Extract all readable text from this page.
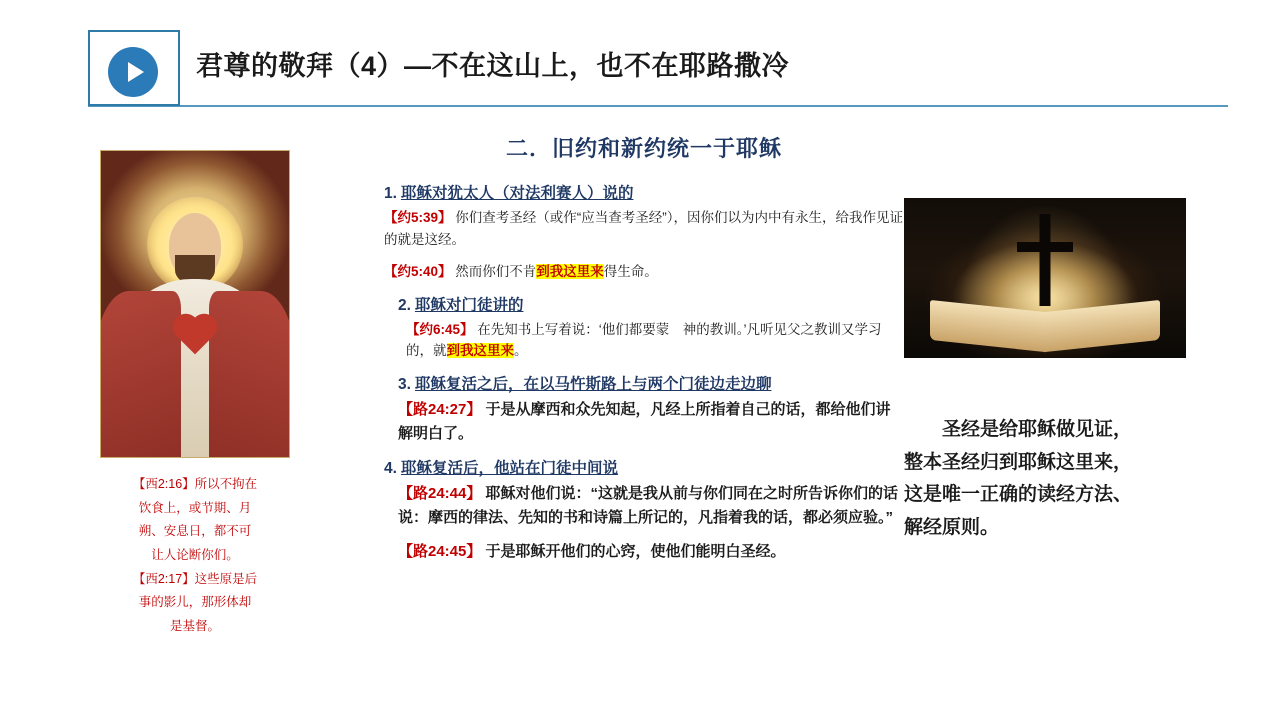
君尊的敬拜（4）—不在这山上，也不在耶路撒冷

【西2:16】所以不拘在

饮食上，或节期、月

朔、安息日，都不可

让人论断你们。

【西2:17】这些原是后

事的影儿，那形体却

是基督。

二．旧约和新约统一于耶稣
1. 耶稣对犹太人（对法利赛人）说的
【约5:39】 你们查考圣经（或作“应当查考圣经”），因你们以为内中有永生，给我作见证的就是这经。
【约5:40】 然而你们不肯到我这里来得生命。
2. 耶稣对门徒讲的
【约6:45】 在先知书上写着说：‘他们都要蒙　神的教训。’凡听见父之教训又学习的，就到我这里来。
3. 耶稣复活之后，在以马忤斯路上与两个门徒边走边聊
【路24:27】 于是从摩西和众先知起，凡经上所指着自己的话，都给他们讲解明白了。
4. 耶稣复活后，他站在门徒中间说
【路24:44】 耶稣对他们说：“这就是我从前与你们同在之时所告诉你们的话说：摩西的律法、先知的书和诗篇上所记的，凡指着我的话，都必须应验。”
【路24:45】 于是耶稣开他们的心窍，使他们能明白圣经。

圣经是给耶稣做见证，

整本圣经归到耶稣这里来，

这是唯一正确的读经方法、

解经原则。
